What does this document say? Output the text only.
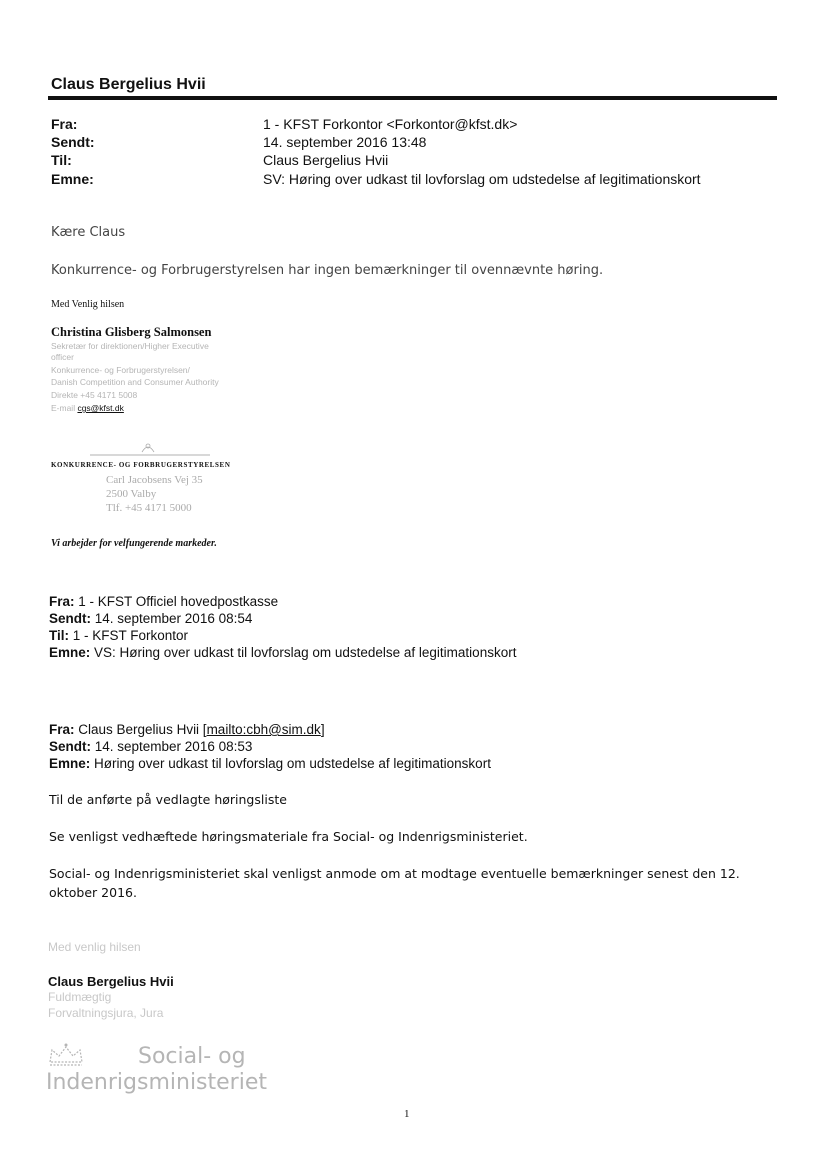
Claus Bergelius Hvii
Fra:	1 - KFST Forkontor <Forkontor@kfst.dk>
Sendt:	14. september 2016 13:48
Til:	Claus Bergelius Hvii
Emne:	SV: Høring over udkast til lovforslag om udstedelse af legitimationskort
Kære Claus
Konkurrence- og Forbrugerstyrelsen har ingen bemærkninger til ovennævnte høring.
Med Venlig hilsen
Christina Glisberg Salmonsen
Sekretær for direktionen/Higher Executive
officer
Konkurrence- og Forbrugerstyrelsen/
Danish Competition and Consumer Authority
Direkte +45 4171 5008
E-mail cgs@kfst.dk
KONKURRENCE- OG FORBRUGERSTYRELSEN
Carl Jacobsens Vej 35
2500 Valby
Tlf. +45 4171 5000
Vi arbejder for velfungerende markeder.
Fra: 1 - KFST Officiel hovedpostkasse
Sendt: 14. september 2016 08:54
Til: 1 - KFST Forkontor
Emne: VS: Høring over udkast til lovforslag om udstedelse af legitimationskort
Fra: Claus Bergelius Hvii [mailto:cbh@sim.dk]
Sendt: 14. september 2016 08:53
Emne: Høring over udkast til lovforslag om udstedelse af legitimationskort
Til de anførte på vedlagte høringsliste
Se venligst vedhæftede høringsmateriale fra Social- og Indenrigsministeriet.
Social- og Indenrigsministeriet skal venligst anmode om at modtage eventuelle bemærkninger senest den 12.
oktober 2016.
Med venlig hilsen
Claus Bergelius Hvii
Fuldmægtig
Forvaltningsjura, Jura
Social- og
Indenrigsministeriet
1
